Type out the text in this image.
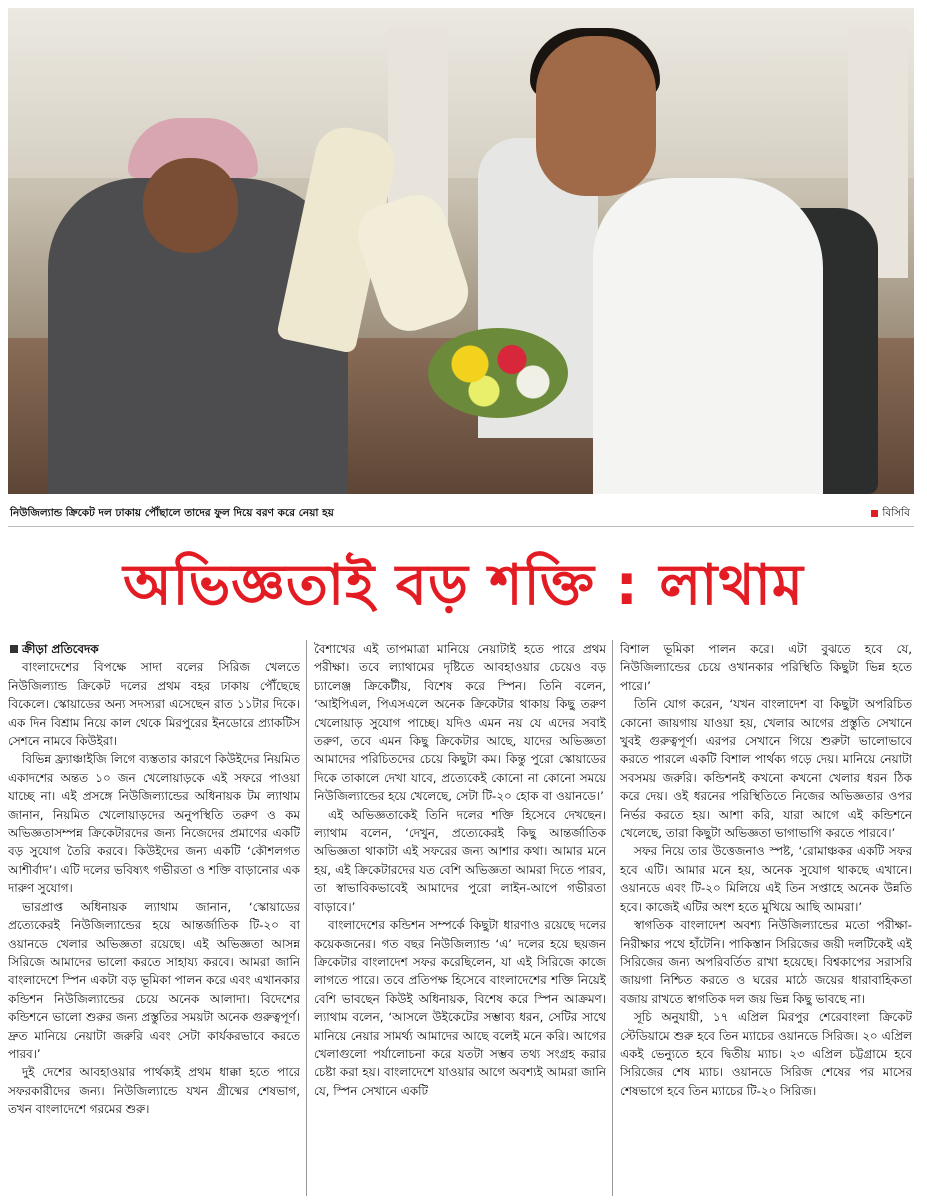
নিউজিল্যান্ড ক্রিকেট দল ঢাকায় পৌঁছালে তাদের ফুল দিয়ে বরণ করে নেয়া হয়	বিসিবি
অভিজ্ঞতাই বড় শক্তি : লাথাম

ক্রীড়া প্রতিবেদক

বাংলাদেশের বিপক্ষে সাদা বলের সিরিজ খেলতে নিউজিল্যান্ড ক্রিকেট দলের প্রথম বহর ঢাকায় পৌঁছেছে বিকেলে। স্কোয়াডের অন্য সদস্যরা এসেছেন রাত ১১টার দিকে। এক দিন বিশ্রাম নিয়ে কাল থেকে মিরপুরের ইনডোরে প্র্যাকটিস সেশনে নামবে কিউইরা।

বিভিন্ন ফ্র্যাঞ্চাইজি লিগে ব্যস্ততার কারণে কিউইদের নিয়মিত একাদশের অন্তত ১০ জন খেলোয়াড়কে এই সফরে পাওয়া যাচ্ছে না। এই প্রসঙ্গে নিউজিল্যান্ডের অধিনায়ক টম ল্যাথাম জানান, নিয়মিত খেলোয়াড়দের অনুপস্থিতি তরুণ ও কম অভিজ্ঞতাসম্পন্ন ক্রিকেটারদের জন্য নিজেদের প্রমাণের একটি বড় সুযোগ তৈরি করবে। কিউইদের জন্য একটি ‘কৌশলগত আশীর্বাদ’। এটি দলের ভবিষ্যৎ গভীরতা ও শক্তি বাড়ানোর এক দারুণ সুযোগ।

ভারপ্রাপ্ত অধিনায়ক ল্যাথাম জানান, ‘স্কোয়াডের প্রত্যেকেরই নিউজিল্যান্ডের হয়ে আন্তর্জাতিক টি-২০ বা ওয়ানডে খেলার অভিজ্ঞতা রয়েছে। এই অভিজ্ঞতা আসন্ন সিরিজে আমাদের ভালো করতে সাহায্য করবে। আমরা জানি বাংলাদেশে স্পিন একটা বড় ভূমিকা পালন করে এবং এখানকার কন্ডিশন নিউজিল্যান্ডের চেয়ে অনেক আলাদা। বিদেশের কন্ডিশনে ভালো শুরুর জন্য প্রস্তুতির সময়টা অনেক গুরুত্বপূর্ণ। দ্রুত মানিয়ে নেয়াটা জরুরি এবং সেটা কার্যকরভাবে করতে পারব।’

দুই দেশের আবহাওয়ার পার্থক্যই প্রথম ধাক্কা হতে পারে সফরকারীদের জন্য। নিউজিল্যান্ডে যখন গ্রীষ্মের শেষভাগ, তখন বাংলাদেশে গরমের শুরু।

বৈশাখের এই তাপমাত্রা মানিয়ে নেয়াটাই হতে পারে প্রথম পরীক্ষা। তবে ল্যাথামের দৃষ্টিতে আবহাওয়ার চেয়েও বড় চ্যালেঞ্জ ক্রিকেটীয়, বিশেষ করে স্পিন। তিনি বলেন, ‘আইপিএল, পিএসএলে অনেক ক্রিকেটার থাকায় কিছু তরুণ খেলোয়াড় সুযোগ পাচ্ছে। যদিও এমন নয় যে এদের সবাই তরুণ, তবে এমন কিছু ক্রিকেটার আছে, যাদের অভিজ্ঞতা আমাদের পরিচিতদের চেয়ে কিছুটা কম। কিন্তু পুরো স্কোয়াডের দিকে তাকালে দেখা যাবে, প্রত্যেকেই কোনো না কোনো সময়ে নিউজিল্যান্ডের হয়ে খেলেছে, সেটা টি-২০ হোক বা ওয়ানডে।’

এই অভিজ্ঞতাকেই তিনি দলের শক্তি হিসেবে দেখছেন। ল্যাথাম বলেন, ‘দেখুন, প্রত্যেকেরই কিছু আন্তর্জাতিক অভিজ্ঞতা থাকাটা এই সফরের জন্য আশার কথা। আমার মনে হয়, এই ক্রিকেটারদের যত বেশি অভিজ্ঞতা আমরা দিতে পারব, তা স্বাভাবিকভাবেই আমাদের পুরো লাইন-আপে গভীরতা বাড়াবে।’

বাংলাদেশের কন্ডিশন সম্পর্কে কিছুটা ধারণাও রয়েছে দলের কয়েকজনের। গত বছর নিউজিল্যান্ড ‘এ’ দলের হয়ে ছয়জন ক্রিকেটার বাংলাদেশ সফর করেছিলেন, যা এই সিরিজে কাজে লাগতে পারে। তবে প্রতিপক্ষ হিসেবে বাংলাদেশের শক্তি নিয়েই বেশি ভাবছেন কিউই অধিনায়ক, বিশেষ করে স্পিন আক্রমণ। ল্যাথাম বলেন, ‘আসলে উইকেটের সম্ভাব্য ধরন, সেটির সাথে মানিয়ে নেয়ার সামর্থ্য আমাদের আছে বলেই মনে করি। আগের খেলাগুলো পর্যালোচনা করে যতটা সম্ভব তথ্য সংগ্রহ করার চেষ্টা করা হয়। বাংলাদেশে যাওয়ার আগে অবশ্যই আমরা জানি যে, স্পিন সেখানে একটি

বিশাল ভূমিকা পালন করে। এটা বুঝতে হবে যে, নিউজিল্যান্ডের চেয়ে ওখানকার পরিস্থিতি কিছুটা ভিন্ন হতে পারে।’

তিনি যোগ করেন, ‘যখন বাংলাদেশ বা কিছুটা অপরিচিত কোনো জায়গায় যাওয়া হয়, খেলার আগের প্রস্তুতি সেখানে খুবই গুরুত্বপূর্ণ। এরপর সেখানে গিয়ে শুরুটা ভালোভাবে করতে পারলে একটি বিশাল পার্থক্য গড়ে দেয়। মানিয়ে নেয়াটা সবসময় জরুরি। কন্ডিশনই কখনো কখনো খেলার ধরন ঠিক করে দেয়। ওই ধরনের পরিস্থিতিতে নিজের অভিজ্ঞতার ওপর নির্ভর করতে হয়। আশা করি, যারা আগে এই কন্ডিশনে খেলেছে, তারা কিছুটা অভিজ্ঞতা ভাগাভাগি করতে পারবে।’

সফর নিয়ে তার উত্তেজনাও স্পষ্ট, ‘রোমাঞ্চকর একটি সফর হবে এটি। আমার মনে হয়, অনেক সুযোগ থাকছে এখানে। ওয়ানডে এবং টি-২০ মিলিয়ে এই তিন সপ্তাহে অনেক উন্নতি হবে। কাজেই এটির অংশ হতে মুখিয়ে আছি আমরা।’

স্বাগতিক বাংলাদেশ অবশ্য নিউজিল্যান্ডের মতো পরীক্ষা-নিরীক্ষার পথে হাঁটেনি। পাকিস্তান সিরিজের জয়ী দলটিকেই এই সিরিজের জন্য অপরিবর্তিত রাখা হয়েছে। বিশ্বকাপের সরাসরি জায়গা নিশ্চিত করতে ও ঘরের মাঠে জয়ের ধারাবাহিকতা বজায় রাখতে স্বাগতিক দল জয় ভিন্ন কিছু ভাবছে না।

সূচি অনুযায়ী, ১৭ এপ্রিল মিরপুর শেরেবাংলা ক্রিকেট স্টেডিয়ামে শুরু হবে তিন ম্যাচের ওয়ানডে সিরিজ। ২০ এপ্রিল একই ভেন্যুতে হবে দ্বিতীয় ম্যাচ। ২৩ এপ্রিল চট্টগ্রামে হবে সিরিজের শেষ ম্যাচ। ওয়ানডে সিরিজ শেষের পর মাসের শেষভাগে হবে তিন ম্যাচের টি-২০ সিরিজ।
